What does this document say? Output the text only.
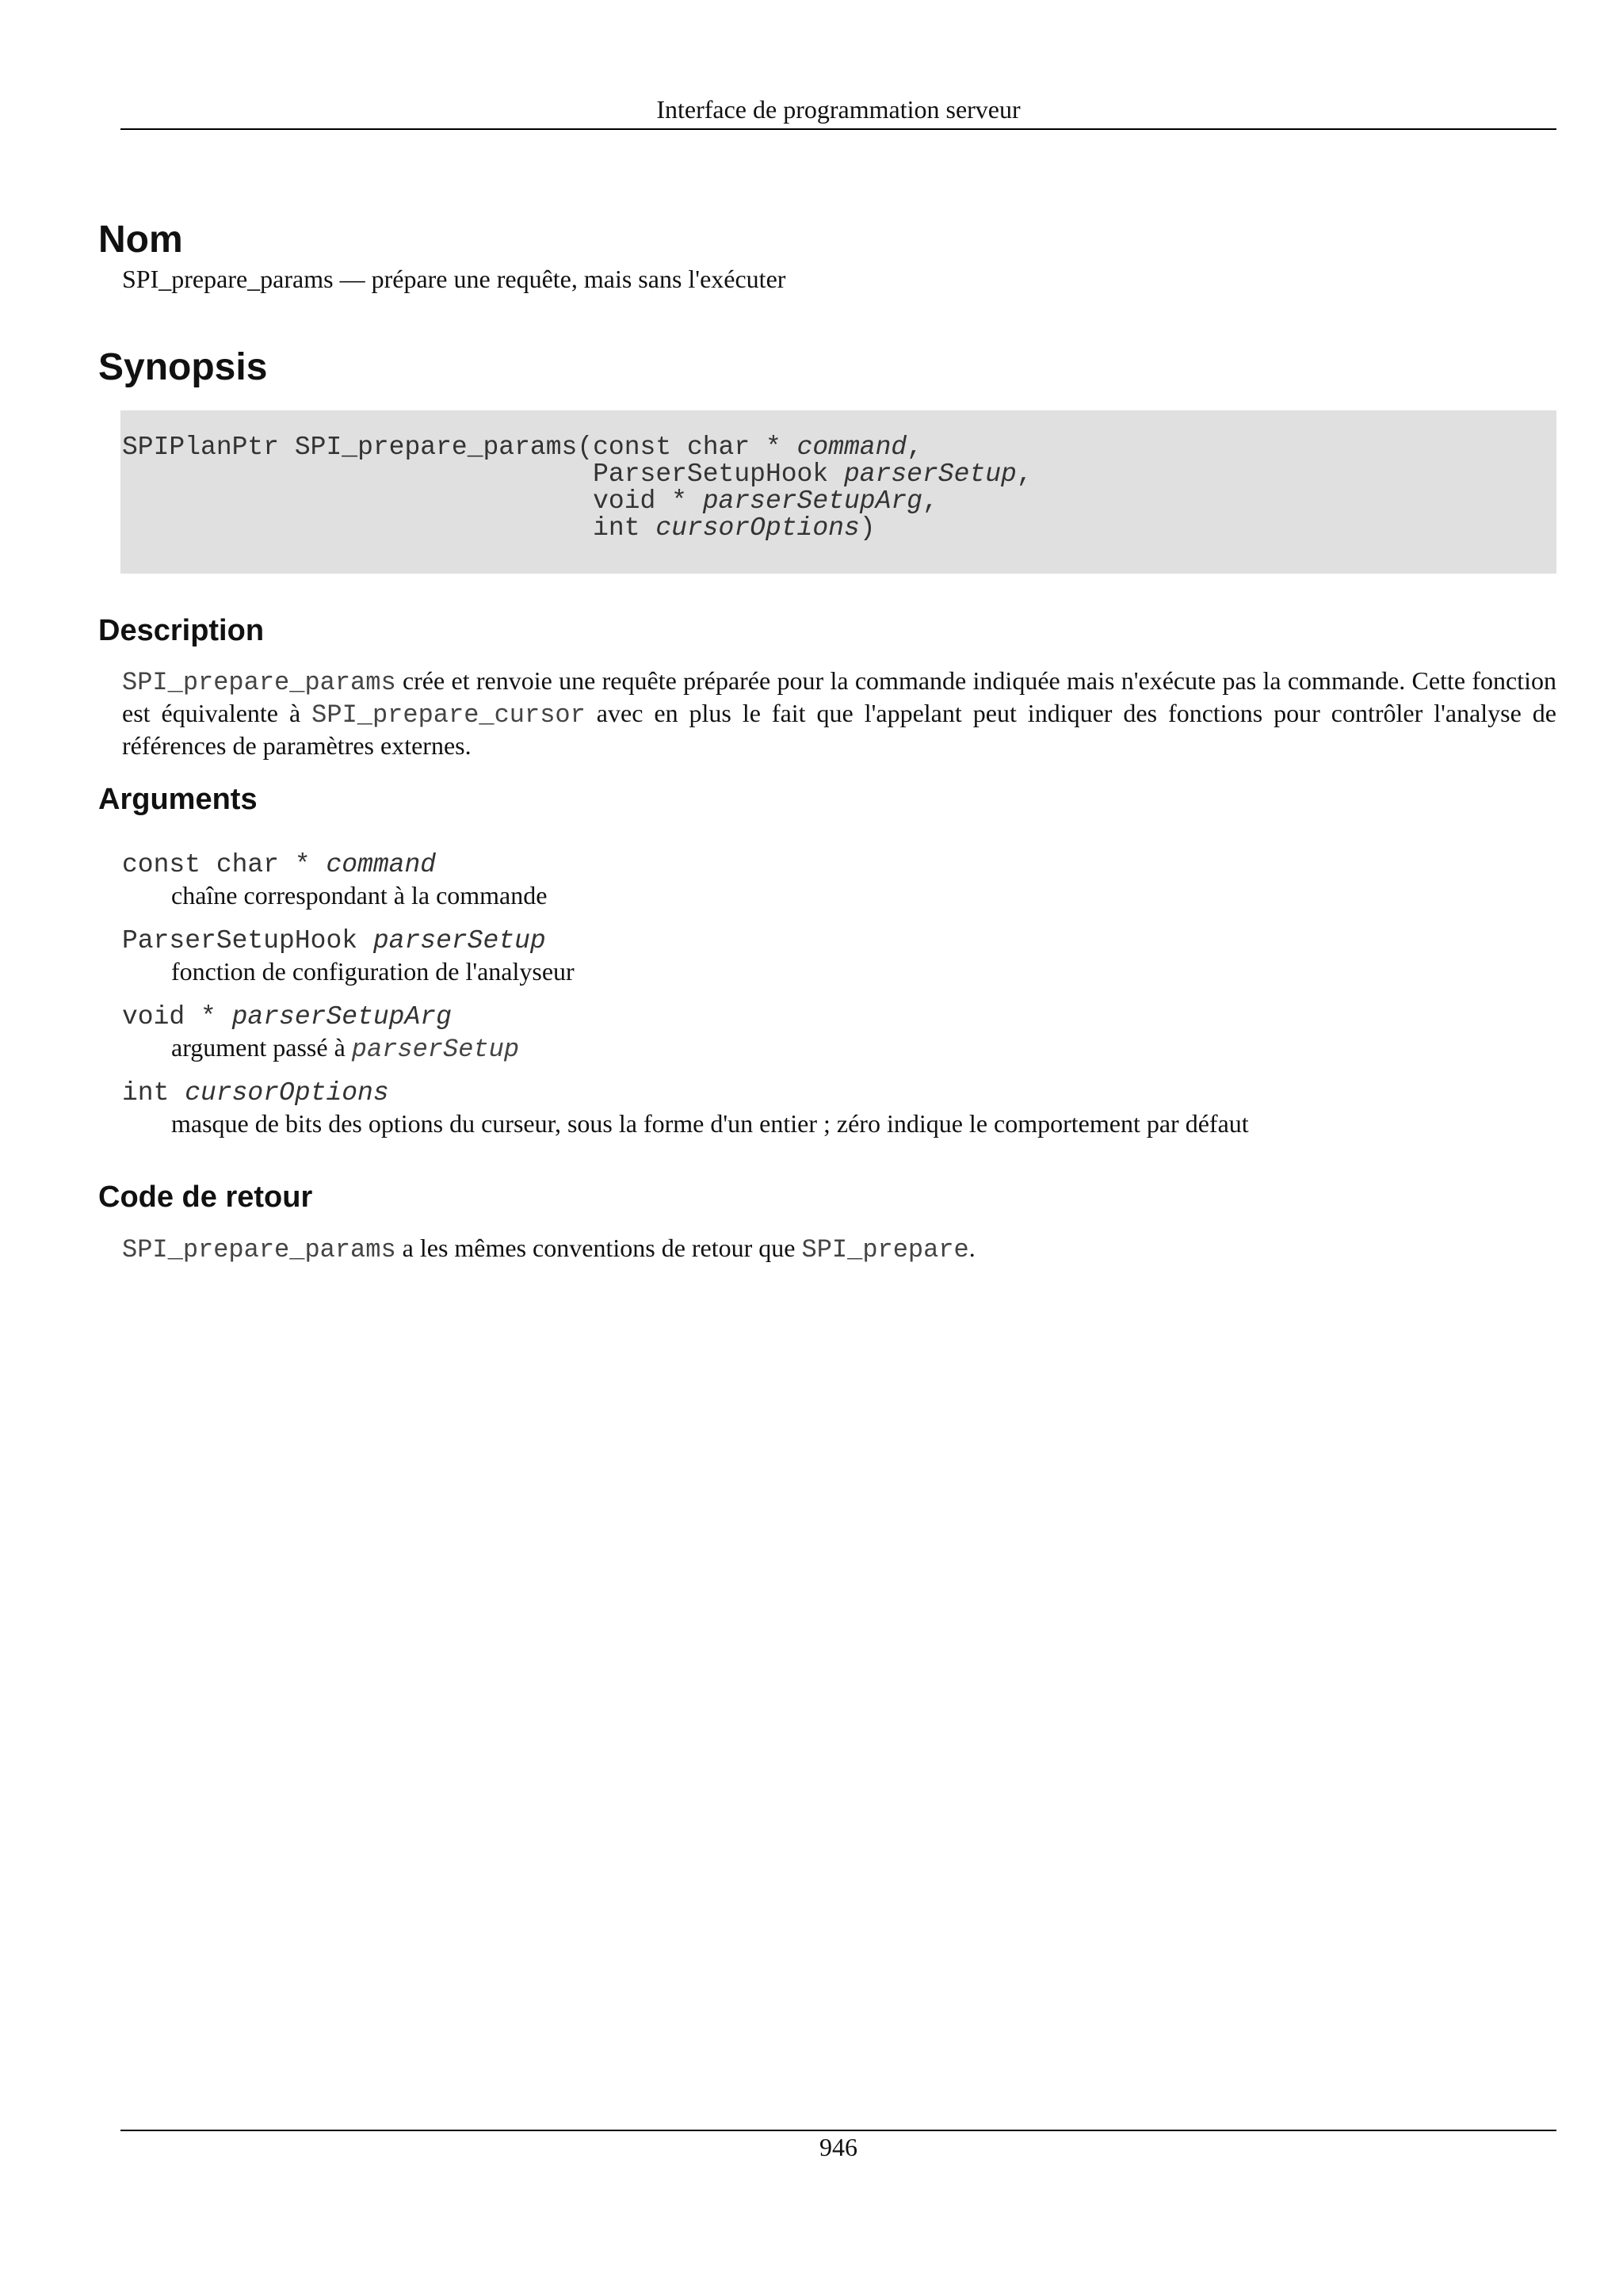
Interface de programmation serveur
Nom

SPI_prepare_params — prépare une requête, mais sans l'exécuter

Synopsis
SPIPlanPtr SPI_prepare_params(const char * command,
ParserSetupHook parserSetup,
void * parserSetupArg,
int cursorOptions)
Description

SPI_prepare_params crée et renvoie une requête préparée pour la commande indiquée mais n'exécute pas la commande. Cette fonction est équivalente à SPI_prepare_cursor avec en plus le fait que l'appelant peut indiquer des fonctions pour contrôler l'analyse de références de paramètres externes.

Arguments
const char * command
chaîne correspondant à la commande
ParserSetupHook parserSetup
fonction de configuration de l'analyseur
void * parserSetupArg
argument passé à parserSetup
int cursorOptions
masque de bits des options du curseur, sous la forme d'un entier ; zéro indique le comportement par défaut
Code de retour

SPI_prepare_params a les mêmes conventions de retour que SPI_prepare.

946
